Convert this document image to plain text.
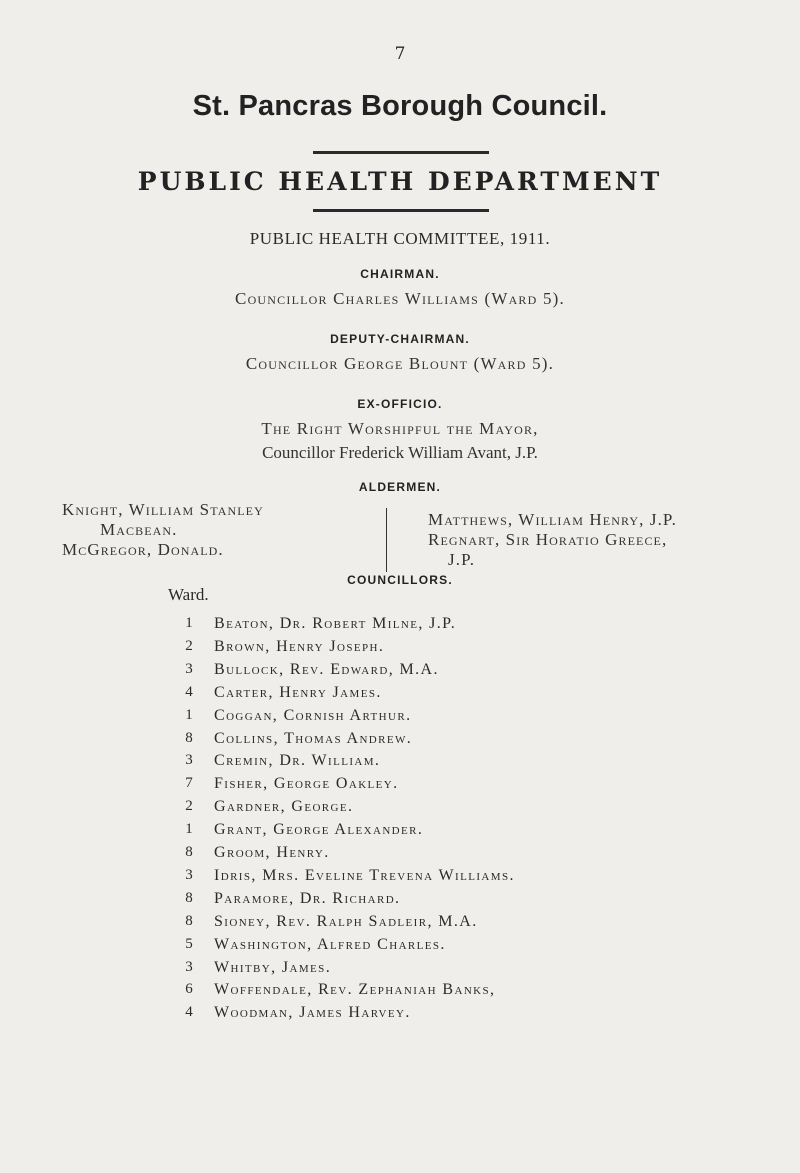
7
St. Pancras Borough Council.
PUBLIC HEALTH DEPARTMENT
PUBLIC HEALTH COMMITTEE, 1911.
CHAIRMAN.
Councillor Charles Williams (Ward 5).
DEPUTY-CHAIRMAN.
Councillor George Blount (Ward 5).
EX-OFFICIO.
The Right Worshipful the Mayor,
Councillor Frederick William Avant, J.P.
ALDERMEN.
Knight, William Stanley
Macbean.
McGregor, Donald.
Matthews, William Henry, J.P.
Regnart, Sir Horatio Greece,
J.P.
COUNCILLORS.
Ward.
1 Beaton, Dr. Robert Milne, J.P.
2 Brown, Henry Joseph.
3 Bullock, Rev. Edward, M.A.
4 Carter, Henry James.
1 Coggan, Cornish Arthur.
8 Collins, Thomas Andrew.
3 Cremin, Dr. William.
7 Fisher, George Oakley.
2 Gardner, George.
1 Grant, George Alexander.
8 Groom, Henry.
3 Idris, Mrs. Eveline Trevena Williams.
8 Paramore, Dr. Richard.
8 Sioney, Rev. Ralph Sadleir, M.A.
5 Washington, Alfred Charles.
3 Whitby, James.
6 Woffendale, Rev. Zephaniah Banks,
4 Woodman, James Harvey.
